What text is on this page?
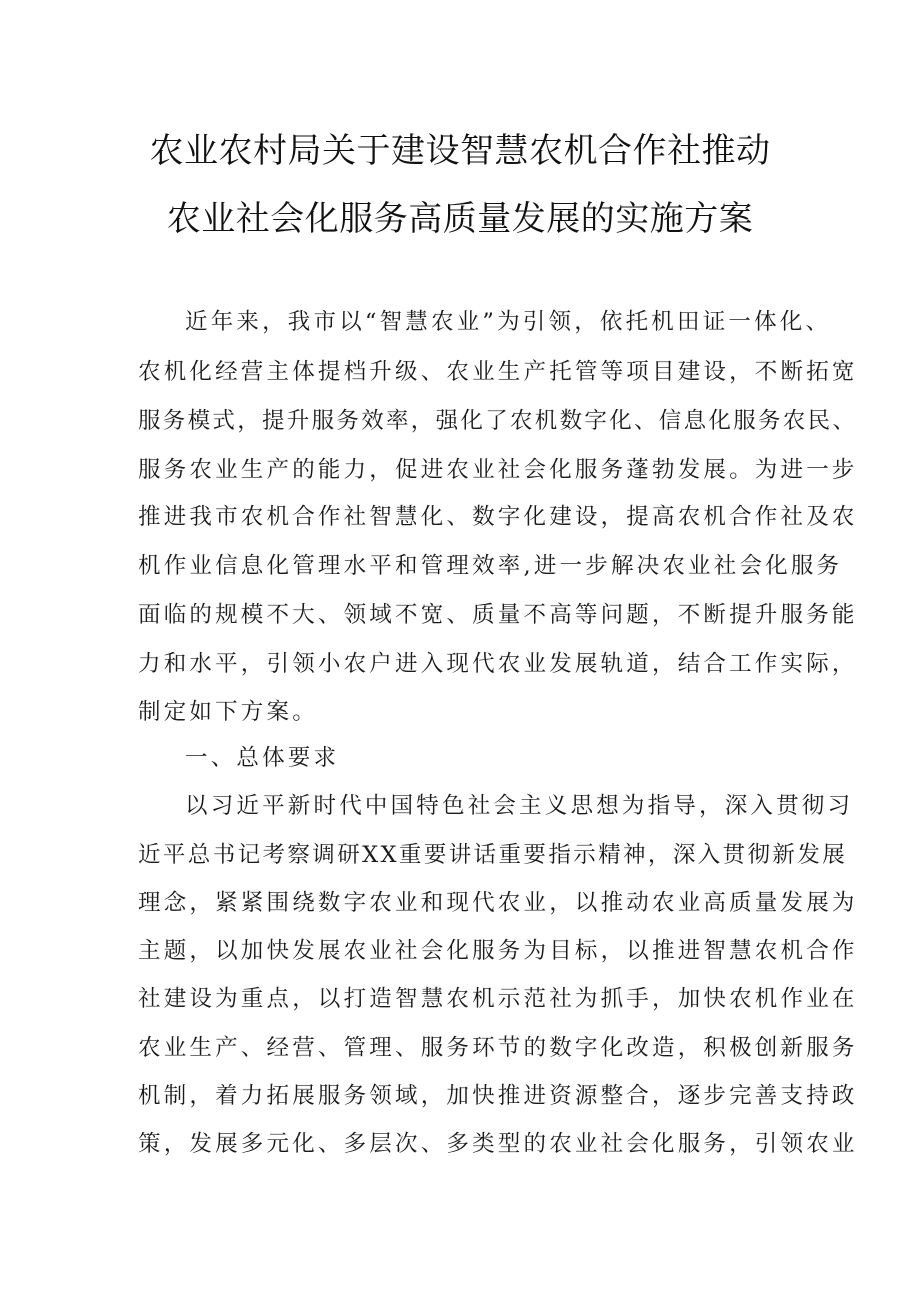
农业农村局关于建设智慧农机合作社推动
农业社会化服务高质量发展的实施方案
近年来，我市以“智慧农业”为引领，依托机田证一体化、
农机化经营主体提档升级、农业生产托管等项目建设，不断拓宽
服务模式，提升服务效率，强化了农机数字化、信息化服务农民、
服务农业生产的能力，促进农业社会化服务蓬勃发展。为进一步
推进我市农机合作社智慧化、数字化建设，提高农机合作社及农
机作业信息化管理水平和管理效率,进一步解决农业社会化服务
面临的规模不大、领域不宽、质量不高等问题，不断提升服务能
力和水平，引领小农户进入现代农业发展轨道，结合工作实际，
制定如下方案。
一、总体要求
以习近平新时代中国特色社会主义思想为指导，深入贯彻习
近平总书记考察调研XX重要讲话重要指示精神，深入贯彻新发展
理念，紧紧围绕数字农业和现代农业，以推动农业高质量发展为
主题，以加快发展农业社会化服务为目标，以推进智慧农机合作
社建设为重点，以打造智慧农机示范社为抓手，加快农机作业在
农业生产、经营、管理、服务环节的数字化改造，积极创新服务
机制，着力拓展服务领域，加快推进资源整合，逐步完善支持政
策，发展多元化、多层次、多类型的农业社会化服务，引领农业
